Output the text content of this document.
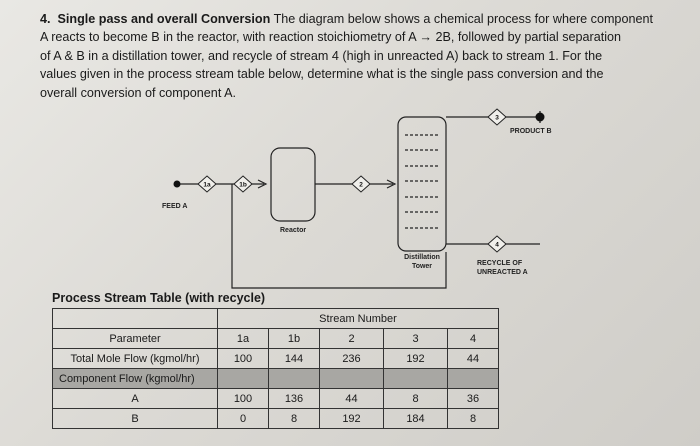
4. Single pass and overall Conversion The diagram below shows a chemical process for where component
A reacts to become B in the reactor, with reaction stoichiometry of A → 2B, followed by partial separation
of A & B in a distillation tower, and recycle of stream 4 (high in unreacted A) back to stream 1. For the
values given in the process stream table below, determine what is the single pass conversion and the
overall conversion of component A.
1a	1b	2
3
4
FEED A
Reactor
Distillation
Tower
PRODUCT B
RECYCLE OF
UNREACTED A
Process Stream Table (with recycle)
	Stream Number				
Parameter	1a	1b	2	3	4
Total Mole Flow (kgmol/hr)	100	144	236	192	44
Component Flow (kgmol/hr)					
A	100	136	44	8	36
B	0	8	192	184	8
